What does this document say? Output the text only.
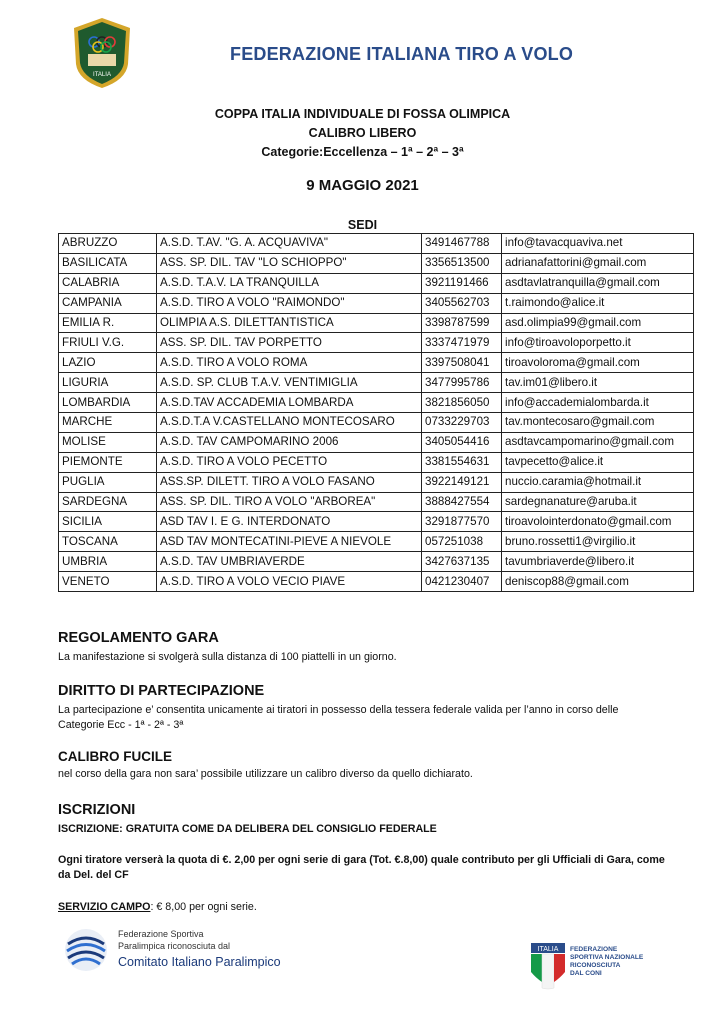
ITALIA
FEDERAZIONE ITALIANA TIRO A VOLO
COPPA ITALIA INDIVIDUALE DI FOSSA OLIMPICA
CALIBRO LIBERO
Categorie:Eccellenza – 1ª – 2ª – 3ª
9 MAGGIO 2021
SEDI
ABRUZZO	A.S.D. T.AV. "G. A. ACQUAVIVA"	3491467788	info@tavacquaviva.net
BASILICATA	ASS. SP. DIL. TAV "LO SCHIOPPO"	3356513500	adrianafattorini@gmail.com
CALABRIA	A.S.D. T.A.V. LA TRANQUILLA	3921191466	asdtavlatranquilla@gmail.com
CAMPANIA	A.S.D. TIRO A VOLO "RAIMONDO"	3405562703	t.raimondo@alice.it
EMILIA R.	OLIMPIA A.S. DILETTANTISTICA	3398787599	asd.olimpia99@gmail.com
FRIULI V.G.	ASS. SP. DIL. TAV PORPETTO	3337471979	info@tiroavoloporpetto.it
LAZIO	A.S.D. TIRO A VOLO ROMA	3397508041	tiroavoloroma@gmail.com
LIGURIA	A.S.D. SP. CLUB T.A.V. VENTIMIGLIA	3477995786	tav.im01@libero.it
LOMBARDIA	A.S.D.TAV ACCADEMIA LOMBARDA	3821856050	info@accademialombarda.it
MARCHE	A.S.D.T.A V.CASTELLANO MONTECOSARO	0733229703	tav.montecosaro@gmail.com
MOLISE	A.S.D. TAV CAMPOMARINO 2006	3405054416	asdtavcampomarino@gmail.com
PIEMONTE	A.S.D. TIRO A VOLO PECETTO	3381554631	tavpecetto@alice.it
PUGLIA	ASS.SP. DILETT. TIRO A VOLO FASANO	3922149121	nuccio.caramia@hotmail.it
SARDEGNA	ASS. SP. DIL. TIRO A VOLO "ARBOREA"	3888427554	sardegnanature@aruba.it
SICILIA	ASD TAV I. E G. INTERDONATO	3291877570	tiroavolointerdonato@gmail.com
TOSCANA	ASD TAV MONTECATINI-PIEVE A NIEVOLE	057251038	bruno.rossetti1@virgilio.it
UMBRIA	A.S.D. TAV UMBRIAVERDE	3427637135	tavumbriaverde@libero.it
VENETO	A.S.D. TIRO A VOLO VECIO PIAVE	0421230407	deniscop88@gmail.com
REGOLAMENTO GARA
La manifestazione si svolgerà sulla distanza di 100 piattelli in un giorno.
DIRITTO DI PARTECIPAZIONE
La partecipazione e’ consentita unicamente ai tiratori in possesso della tessera federale valida per l’anno in corso delle
Categorie Ecc - 1ª - 2ª - 3ª
CALIBRO FUCILE
nel corso della gara non sara’ possibile utilizzare un calibro diverso da quello dichiarato.
ISCRIZIONI
ISCRIZIONE: GRATUITA COME DA DELIBERA DEL CONSIGLIO FEDERALE
Ogni tiratore verserà la quota di €. 2,00 per ogni serie di gara (Tot. €.8,00) quale contributo per gli Ufficiali di Gara, come
da Del. del CF
SERVIZIO CAMPO: € 8,00 per ogni serie.
Federazione Sportiva
Paralimpica riconosciuta dal
Comitato Italiano Paralimpico
ITALIA FEDERAZIONE
SPORTIVA NAZIONALE
RICONOSCIUTA
DAL CONI
